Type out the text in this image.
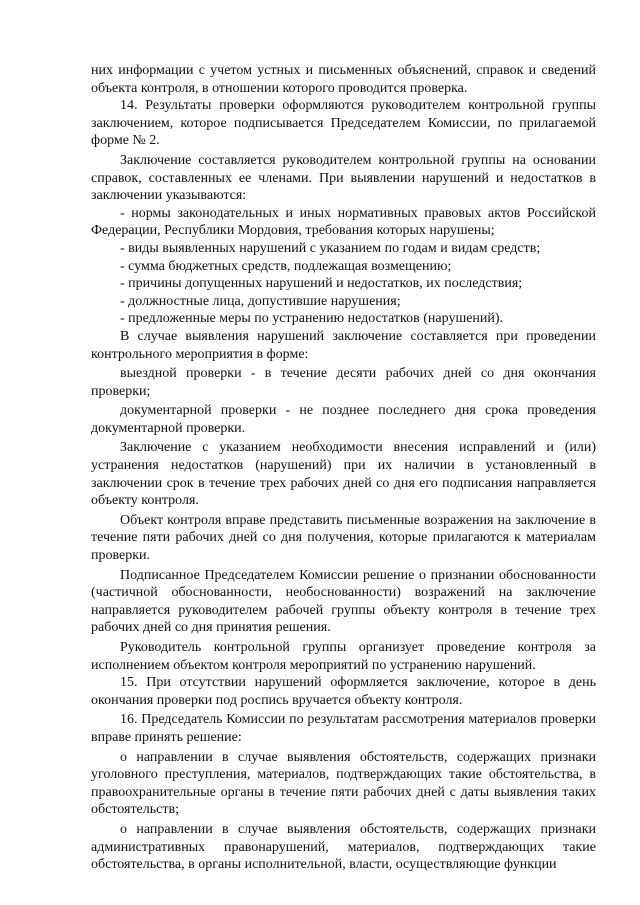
них информации с учетом устных и письменных объяснений, справок и сведений объекта контроля, в отношении которого проводится проверка.

14. Результаты проверки оформляются руководителем контрольной группы заключением, которое подписывается Председателем Комиссии, по прилагаемой форме № 2.

Заключение составляется руководителем контрольной группы на основании справок, составленных ее членами. При выявлении нарушений и недостатков в заключении указываются:

- нормы законодательных и иных нормативных правовых актов Российской Федерации, Республики Мордовия, требования которых нарушены;

- виды выявленных нарушений с указанием по годам и видам средств;

- сумма бюджетных средств, подлежащая возмещению;

- причины допущенных нарушений и недостатков, их последствия;

- должностные лица, допустившие нарушения;

- предложенные меры по устранению недостатков (нарушений).

В случае выявления нарушений заключение составляется при проведении контрольного мероприятия в форме:

выездной проверки - в течение десяти рабочих дней со дня окончания проверки;

документарной проверки - не позднее последнего дня срока проведения документарной проверки.

Заключение с указанием необходимости внесения исправлений и (или) устранения недостатков (нарушений) при их наличии в установленный в заключении срок в течение трех рабочих дней со дня его подписания направляется объекту контроля.

Объект контроля вправе представить письменные возражения на заключение в течение пяти рабочих дней со дня получения, которые прилагаются к материалам проверки.

Подписанное Председателем Комиссии решение о признании обоснованности (частичной обоснованности, необоснованности) возражений на заключение направляется руководителем рабочей группы объекту контроля в течение трех рабочих дней со дня принятия решения.

Руководитель контрольной группы организует проведение контроля за исполнением объектом контроля мероприятий по устранению нарушений.

15. При отсутствии нарушений оформляется заключение, которое в день окончания проверки под роспись вручается объекту контроля.

16. Председатель Комиссии по результатам рассмотрения материалов проверки вправе принять решение:

о направлении в случае выявления обстоятельств, содержащих признаки уголовного преступления, материалов, подтверждающих такие обстоятельства, в правоохранительные органы в течение пяти рабочих дней с даты выявления таких обстоятельств;

о направлении в случае выявления обстоятельств, содержащих признаки административных правонарушений, материалов, подтверждающих такие обстоятельства, в органы исполнительной, власти, осуществляющие функции
